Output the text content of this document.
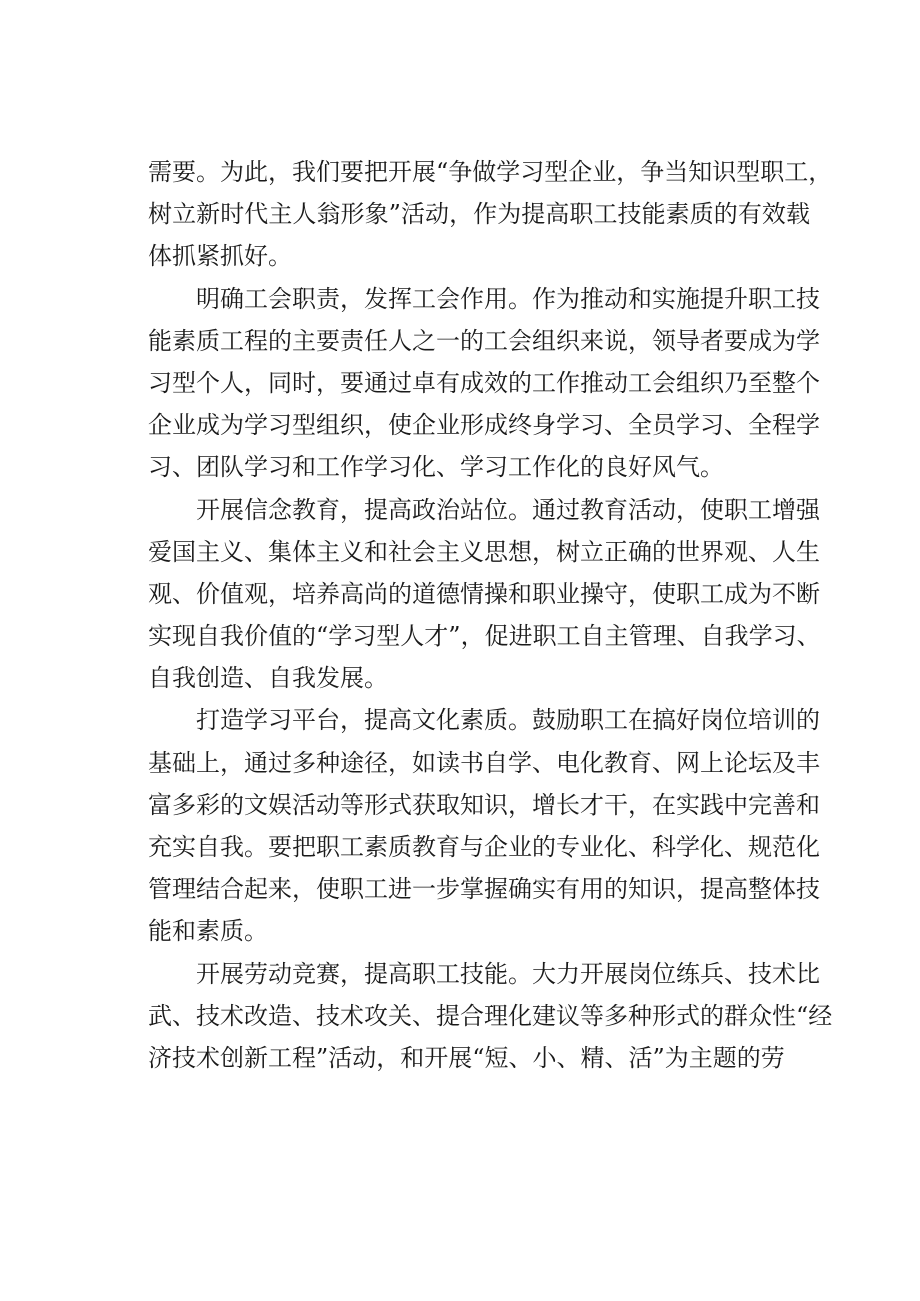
需 要 。 为 此 ， 我 们 要 把 开 展 “ 争 做 学 习 型 企 业 ， 争 当 知 识 型 职 工 ，
树 立 新 时 代 主 人 翁 形 象 ” 活 动 ， 作 为 提 高 职 工 技 能 素 质 的 有 效 载
体抓紧抓好。
明 确 工 会 职 责 ， 发 挥 工 会 作 用 。 作 为 推 动 和 实 施 提 升 职 工 技
能 素 质 工 程 的 主 要 责 任 人 之 一 的 工 会 组 织 来 说 ， 领 导 者 要 成 为 学
习 型 个 人 ， 同 时 ， 要 通 过 卓 有 成 效 的 工 作 推 动 工 会 组 织 乃 至 整 个
企 业 成 为 学 习 型 组 织 ， 使 企 业 形 成 终 身 学 习 、 全 员 学 习 、 全 程 学
习、团队学习和工作学习化、学习工作化的良好风气。
开 展 信 念 教 育 ， 提 高 政 治 站 位 。 通 过 教 育 活 动 ， 使 职 工 增 强
爱 国 主 义 、 集 体 主 义 和 社 会 主 义 思 想 ， 树 立 正 确 的 世 界 观 、 人 生
观 、 价 值 观 ， 培 养 高 尚 的 道 德 情 操 和 职 业 操 守 ， 使 职 工 成 为 不 断
实 现 自 我 价 值 的 “ 学 习 型 人 才 ” ， 促 进 职 工 自 主 管 理 、 自 我 学 习 、
自我创造、自我发展。
打 造 学 习 平 台 ， 提 高 文 化 素 质 。 鼓 励 职 工 在 搞 好 岗 位 培 训 的
基 础 上 ， 通 过 多 种 途 径 ， 如 读 书 自 学 、 电 化 教 育 、 网 上 论 坛 及 丰
富 多 彩 的 文 娱 活 动 等 形 式 获 取 知 识 ， 增 长 才 干 ， 在 实 践 中 完 善 和
充 实 自 我 。 要 把 职 工 素 质 教 育 与 企 业 的 专 业 化 、 科 学 化 、 规 范 化
管 理 结 合 起 来 ， 使 职 工 进 一 步 掌 握 确 实 有 用 的 知 识 ， 提 高 整 体 技
能和素质。
开 展 劳 动 竞 赛 ， 提 高 职 工 技 能 。 大 力 开 展 岗 位 练 兵 、 技 术 比
武 、 技 术 改 造 、 技 术 攻 关 、 提 合 理 化 建 议 等 多 种 形 式 的 群 众 性 “ 经
济技术创新工程”活动，和开展“短、小、精、活”为主题的劳
